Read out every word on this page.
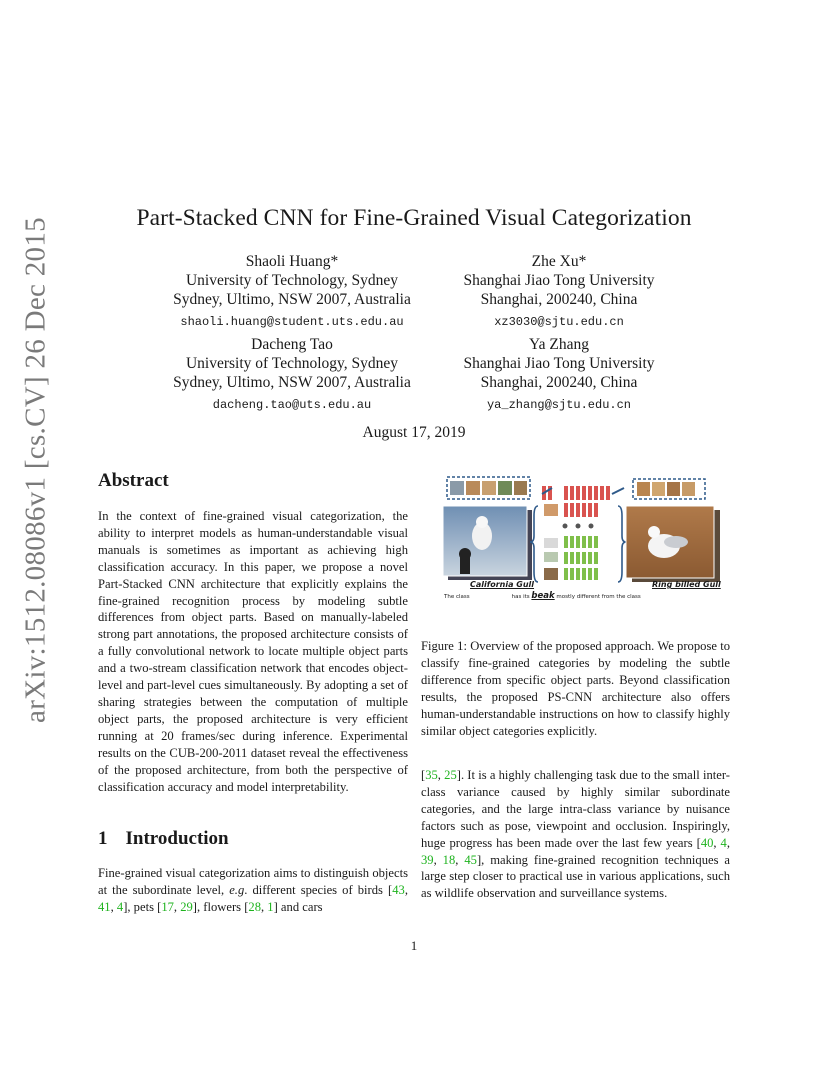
arXiv:1512.08086v1 [cs.CV] 26 Dec 2015	Part-Stacked CNN for Fine-Grained Visual Categorization
Shaoli Huang*
University of Technology, Sydney
Sydney, Ultimo, NSW 2007, Australia
shaoli.huang@student.uts.edu.au
Zhe Xu*
Shanghai Jiao Tong University
Shanghai, 200240, China
xz3030@sjtu.edu.cn
Dacheng Tao
University of Technology, Sydney
Sydney, Ultimo, NSW 2007, Australia
dacheng.tao@uts.edu.au
Ya Zhang
Shanghai Jiao Tong University
Shanghai, 200240, China
ya_zhang@sjtu.edu.cn
August 17, 2019
Abstract

In the context of fine-grained visual categorization, the ability to interpret models as human-understandable visual manuals is sometimes as important as achieving high classification accuracy. In this paper, we propose a novel Part-Stacked CNN architecture that explicitly explains the fine-grained recognition process by modeling subtle differences from object parts. Based on manually-labeled strong part annotations, the proposed architecture consists of a fully convolutional network to locate multiple object parts and a two-stream classification network that encodes object-level and part-level cues simultaneously. By adopting a set of sharing strategies between the computation of multiple object parts, the proposed architecture is very efficient running at 20 frames/sec during inference. Experimental results on the CUB-200-2011 dataset reveal the effectiveness of the proposed architecture, from both the perspective of classification accuracy and model interpretability.

1 Introduction

Fine-grained visual categorization aims to distinguish objects at the subordinate level, e.g. different species of birds [43, 41, 4], pets [17, 29], flowers [28, 1] and cars

California Gull	Ring billed Gull
The class	has its beak mostly different from the class

Figure 1: Overview of the proposed approach. We propose to classify fine-grained categories by modeling the subtle difference from specific object parts. Beyond classification results, the proposed PS-CNN architecture also offers human-understandable instructions on how to classify highly similar object categories explicitly.

[35, 25]. It is a highly challenging task due to the small inter-class variance caused by highly similar subordinate categories, and the large intra-class variance by nuisance factors such as pose, viewpoint and occlusion. Inspiringly, huge progress has been made over the last few years [40, 4, 39, 18, 45], making fine-grained recognition techniques a large step closer to practical use in various applications, such as wildlife observation and surveillance systems.

1
